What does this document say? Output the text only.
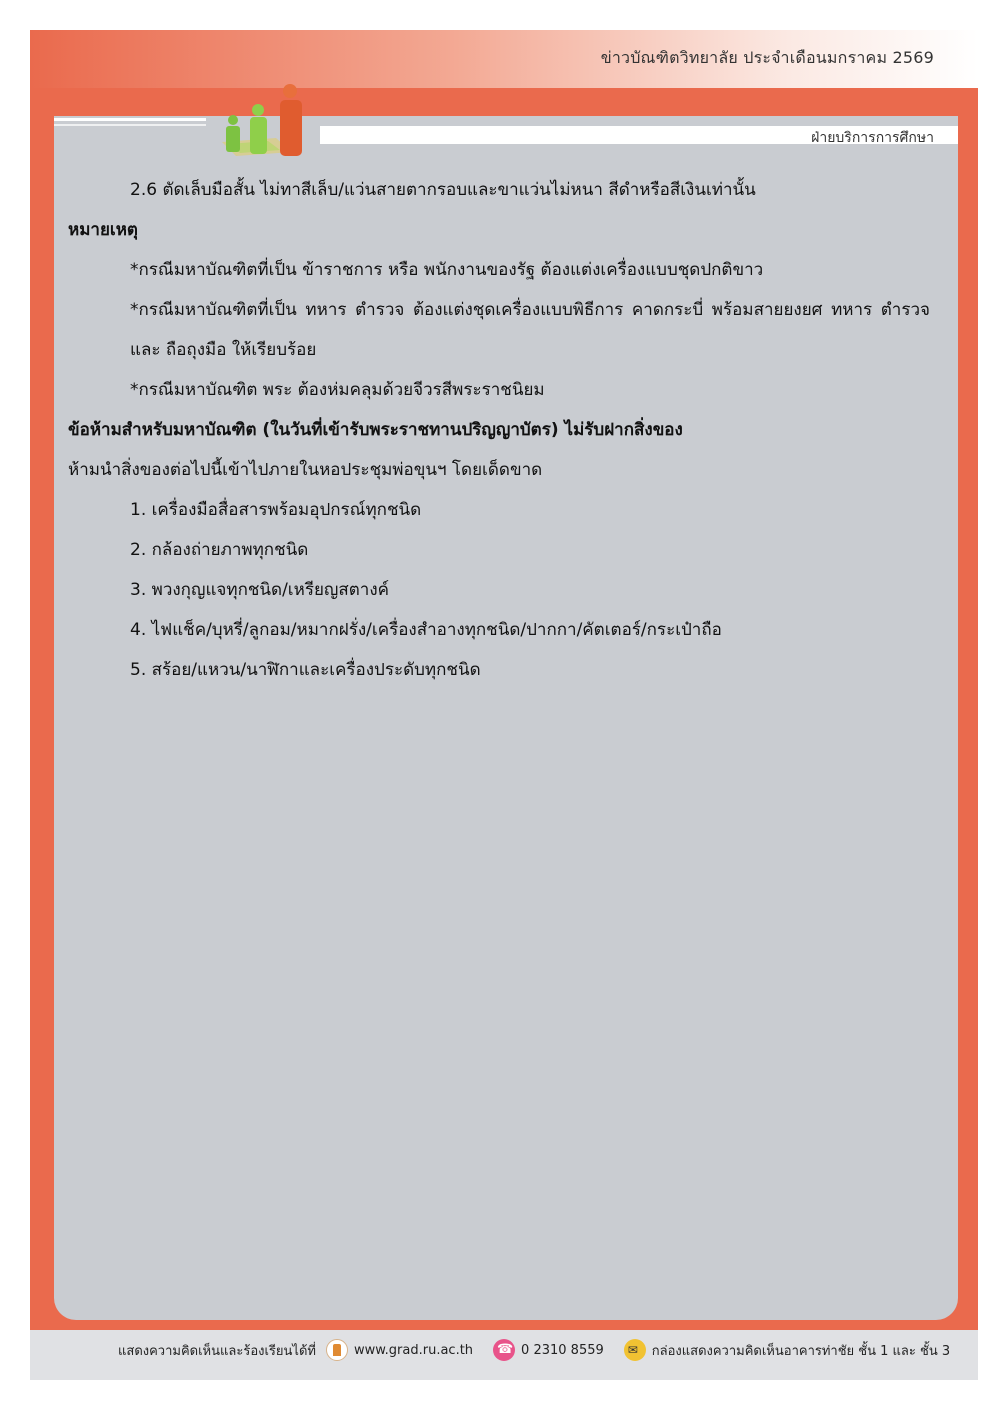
ข่าวบัณฑิตวิทยาลัย ประจำเดือนมกราคม 2569
ฝ่ายบริการการศึกษา

2.6 ตัดเล็บมือสั้น ไม่ทาสีเล็บ/แว่นสายตากรอบและขาแว่นไม่หนา สีดำหรือสีเงินเท่านั้น

หมายเหตุ

*กรณีมหาบัณฑิตที่เป็น ข้าราชการ หรือ พนักงานของรัฐ ต้องแต่งเครื่องแบบชุดปกติขาว

*กรณีมหาบัณฑิตที่เป็น ทหาร ตำรวจ ต้องแต่งชุดเครื่องแบบพิธีการ คาดกระบี่ พร้อมสายยงยศ ทหาร ตำรวจ และ ถือถุงมือ ให้เรียบร้อย

*กรณีมหาบัณฑิต พระ ต้องห่มคลุมด้วยจีวรสีพระราชนิยม

ข้อห้ามสำหรับมหาบัณฑิต (ในวันที่เข้ารับพระราชทานปริญญาบัตร) ไม่รับฝากสิ่งของ

ห้ามนำสิ่งของต่อไปนี้เข้าไปภายในหอประชุมพ่อขุนฯ โดยเด็ดขาด

1. เครื่องมือสื่อสารพร้อมอุปกรณ์ทุกชนิด

2. กล้องถ่ายภาพทุกชนิด

3. พวงกุญแจทุกชนิด/เหรียญสตางค์

4. ไฟแช็ค/บุหรี่/ลูกอม/หมากฝรั่ง/เครื่องสำอางทุกชนิด/ปากกา/คัตเตอร์/กระเป๋าถือ

5. สร้อย/แหวน/นาฬิกาและเครื่องประดับทุกชนิด

แสดงความคิดเห็นและร้องเรียนได้ที่	www.grad.ru.ac.th ☎	0 2310 8559 ✉	กล่องแสดงความคิดเห็นอาคารท่าชัย ชั้น 1 และ ชั้น 3
